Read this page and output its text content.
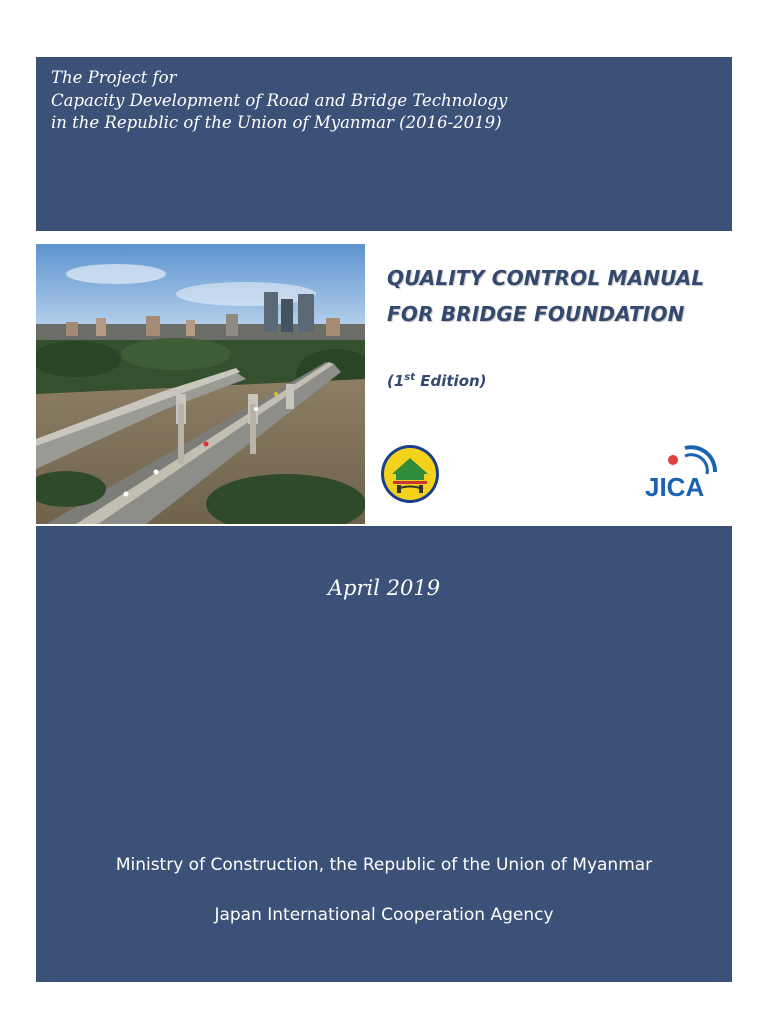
The Project for
Capacity Development of Road and Bridge Technology
in the Republic of the Union of Myanmar (2016-2019)
QUALITY CONTROL MANUAL
FOR BRIDGE FOUNDATION
(1st Edition)
JICA
April 2019
Ministry of Construction, the Republic of the Union of Myanmar
Japan International Cooperation Agency
